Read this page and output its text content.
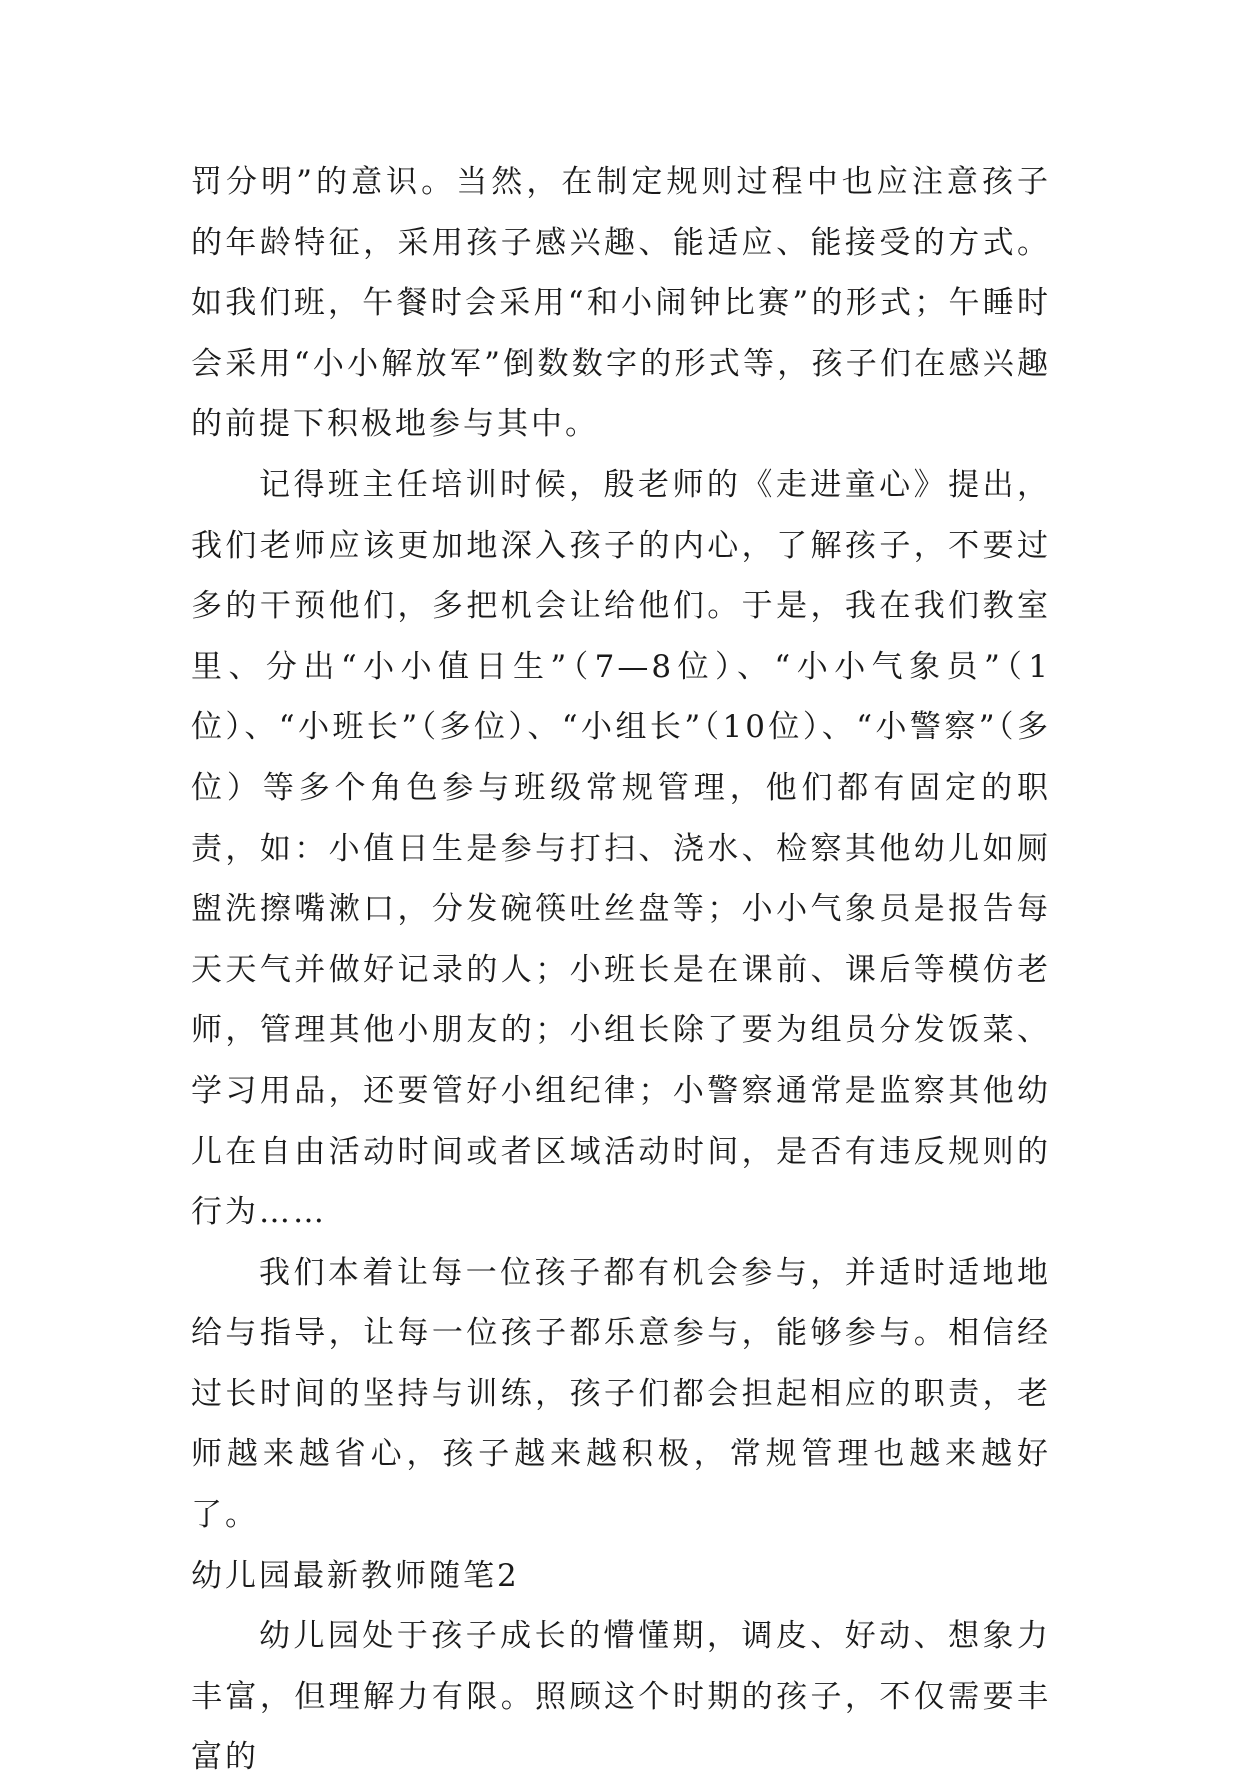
罚分明”的意识。当然，在制定规则过程中也应注意孩子的年龄特征，采用孩子感兴趣、能适应、能接受的方式。如我们班，午餐时会采用“和小闹钟比赛”的形式；午睡时会采用“小小解放军”倒数数字的形式等，孩子们在感兴趣的前提下积极地参与其中。

记得班主任培训时候，殷老师的《走进童心》提出，我们老师应该更加地深入孩子的内心，了解孩子，不要过多的干预他们，多把机会让给他们。于是，我在我们教室里、分出“小小值日生”（7—8位）、“小小气象员”（1位）、“小班长”（多位）、“小组长”（10位）、“小警察”（多位）等多个角色参与班级常规管理，他们都有固定的职责，如：小值日生是参与打扫、浇水、检察其他幼儿如厕盥洗擦嘴漱口，分发碗筷吐丝盘等；小小气象员是报告每天天气并做好记录的人；小班长是在课前、课后等模仿老师，管理其他小朋友的；小组长除了要为组员分发饭菜、学习用品，还要管好小组纪律；小警察通常是监察其他幼儿在自由活动时间或者区域活动时间，是否有违反规则的行为……

我们本着让每一位孩子都有机会参与，并适时适地地给与指导，让每一位孩子都乐意参与，能够参与。相信经过长时间的坚持与训练，孩子们都会担起相应的职责，老师越来越省心，孩子越来越积极，常规管理也越来越好了。

幼儿园最新教师随笔2

幼儿园处于孩子成长的懵懂期，调皮、好动、想象力丰富，但理解力有限。照顾这个时期的孩子，不仅需要丰富的
